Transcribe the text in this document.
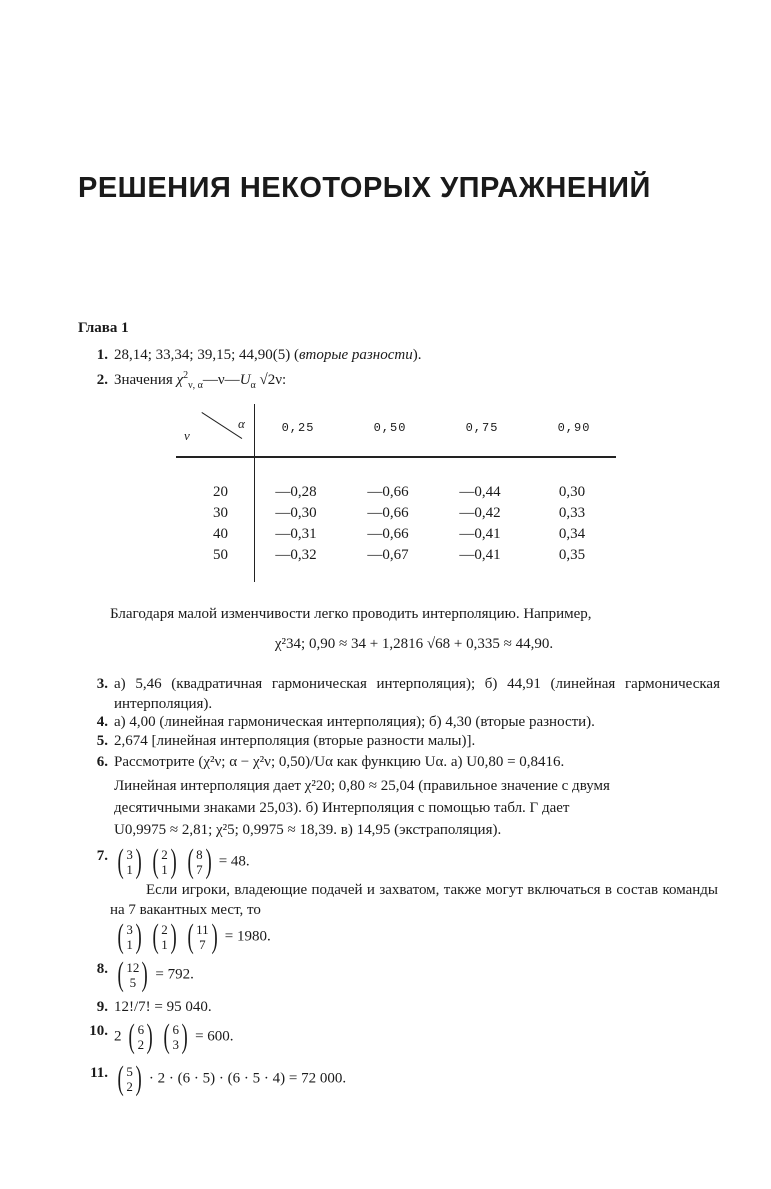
РЕШЕНИЯ НЕКОТОРЫХ УПРАЖНЕНИЙ
Глава 1
1. 28,14; 33,34; 39,15; 44,90(5) (вторые разности).
2. Значения $\chi^2_{\nu, \alpha}—\nu—U_\alpha$ √2ν:
α
ν	0,25	0,50	0,75	0,90
20	—0,28	—0,66	—0,44	0,30
30	—0,30	—0,66	—0,42	0,33
40	—0,31	—0,66	—0,41	0,34
50	—0,32	—0,67	—0,41	0,35
Благодаря малой изменчивости легко проводить интерполяцию. Например,
χ²34; 0,90 ≈ 34 + 1,2816 √68 + 0,335 ≈ 44,90.
3. а) 5,46 (квадратичная гармоническая интерполяция); б) 44,91 (линейная гармоническая интерполяция).
4. а) 4,00 (линейная гармоническая интерполяция); б) 4,30 (вторые разности).
5. 2,674 [линейная интерполяция (вторые разности малы)].
6. Рассмотрите (χ²ν; α − χ²ν; 0,50)/Uα как функцию Uα. а) U0,80 = 0,8416.
Линейная интерполяция дает χ²20; 0,80 ≈ 25,04 (правильное значение с двумя
десятичными знаками 25,03). б) Интерполяция с помощью табл. Г дает
U0,9975 ≈ 2,81; χ²5; 0,9975 ≈ 18,39. в) 14,95 (экстраполяция).
7. ( 3
1 )
( 2
1 )
( 8
7 ) = 48.
Если игроки, владеющие подачей и захватом, также могут включаться в состав команды на 7 вакантных мест, то
( 3
1 )
( 2
1 )
( 11
7 ) = 1980.
8. ( 12
5 ) = 792.
9. 12!/7! = 95 040.
10. 2 ( 6
2 )
( 6
3 ) = 600.
11. ( 5
2 ) · 2 · (6 · 5) · (6 · 5 · 4) = 72 000.
